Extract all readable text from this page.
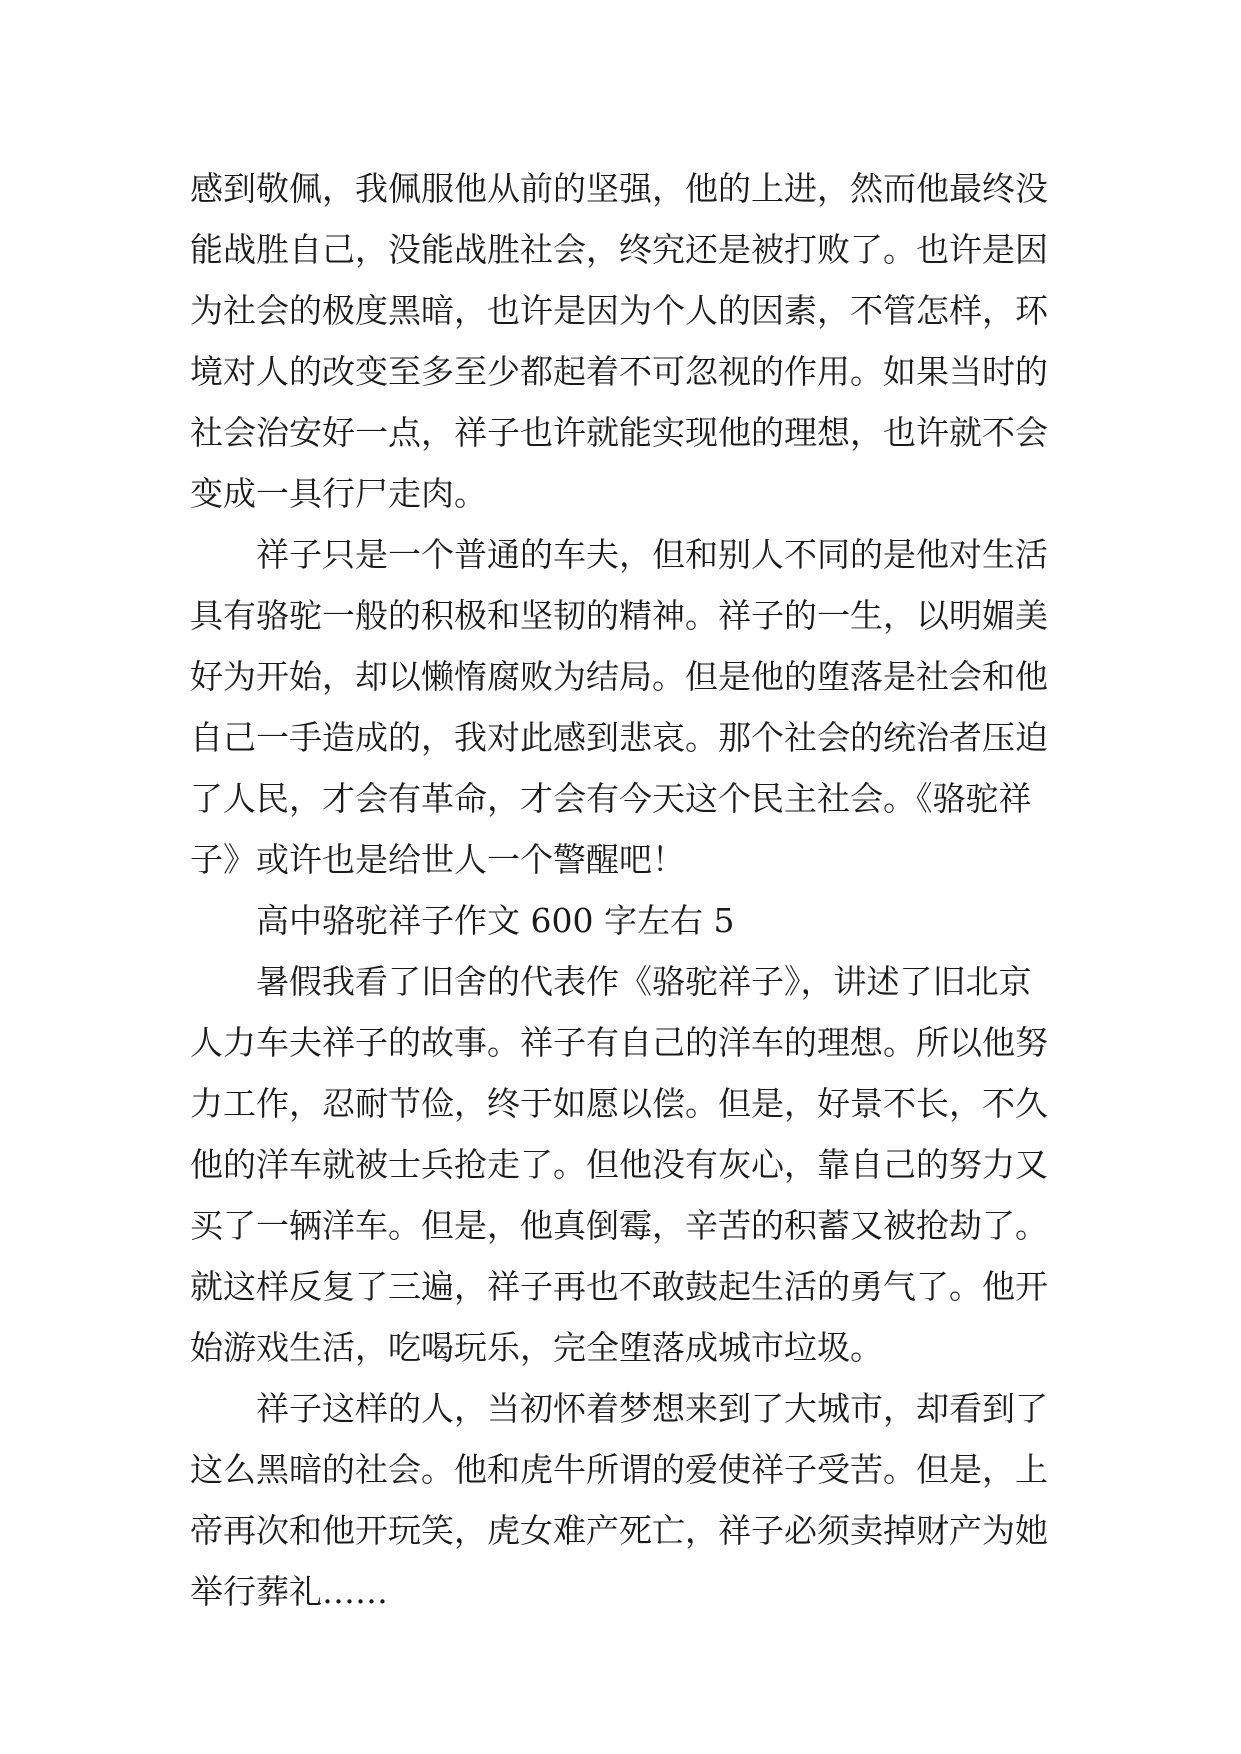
感到敬佩，我佩服他从前的坚强，他的上进，然而他最终没
能战胜自己，没能战胜社会，终究还是被打败了。也许是因
为社会的极度黑暗，也许是因为个人的因素，不管怎样，环
境对人的改变至多至少都起着不可忽视的作用。如果当时的
社会治安好一点，祥子也许就能实现他的理想，也许就不会
变成一具行尸走肉。

祥子只是一个普通的车夫，但和别人不同的是他对生活
具有骆驼一般的积极和坚韧的精神。祥子的一生，以明媚美
好为开始，却以懒惰腐败为结局。但是他的堕落是社会和他
自己一手造成的，我对此感到悲哀。那个社会的统治者压迫
了人民，才会有革命，才会有今天这个民主社会。《骆驼祥
子》或许也是给世人一个警醒吧！

高中骆驼祥子作文 600 字左右 5

暑假我看了旧舍的代表作《骆驼祥子》，讲述了旧北京
人力车夫祥子的故事。祥子有自己的洋车的理想。所以他努
力工作，忍耐节俭，终于如愿以偿。但是，好景不长，不久
他的洋车就被士兵抢走了。但他没有灰心，靠自己的努力又
买了一辆洋车。但是，他真倒霉，辛苦的积蓄又被抢劫了。
就这样反复了三遍，祥子再也不敢鼓起生活的勇气了。他开
始游戏生活，吃喝玩乐，完全堕落成城市垃圾。

祥子这样的人，当初怀着梦想来到了大城市，却看到了
这么黑暗的社会。他和虎牛所谓的爱使祥子受苦。但是，上
帝再次和他开玩笑，虎女难产死亡，祥子必须卖掉财产为她
举行葬礼……
